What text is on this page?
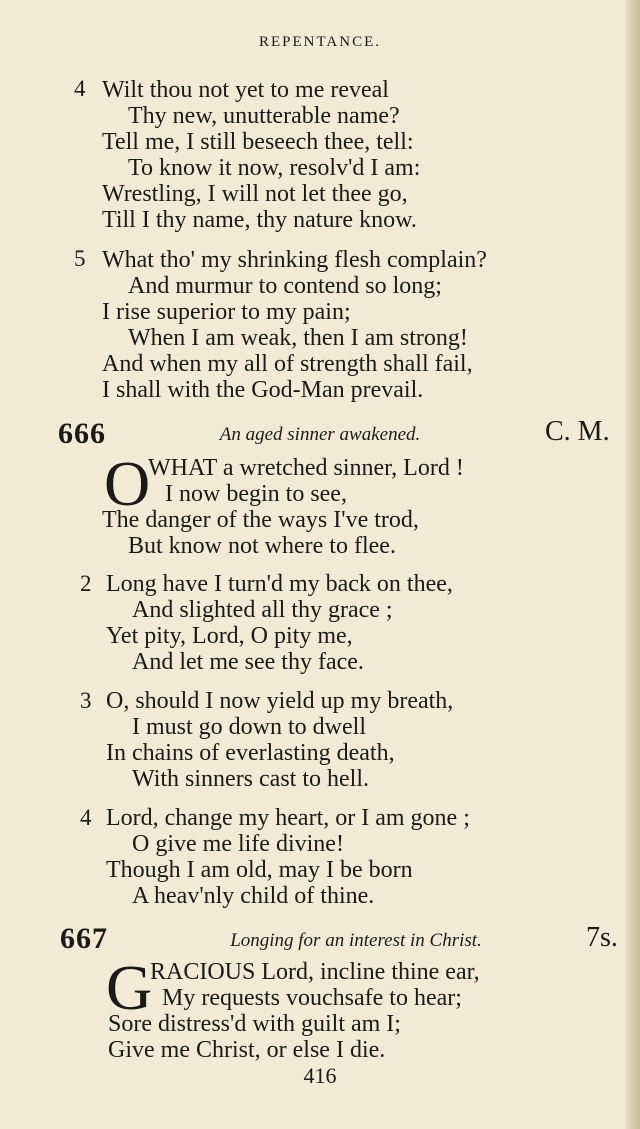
REPENTANCE.
4 Wilt thou not yet to me reveal
Thy new, unutterable name?
Tell me, I still beseech thee, tell:
To know it now, resolv'd I am:
Wrestling, I will not let thee go,
Till I thy name, thy nature know.
5 What tho' my shrinking flesh complain?
And murmur to contend so long;
I rise superior to my pain;
When I am weak, then I am strong!
And when my all of strength shall fail,
I shall with the God-Man prevail.
666	An aged sinner awakened.	C. M.
O
WHAT a wretched sinner, Lord !
I now begin to see,
The danger of the ways I've trod,
But know not where to flee.
2 Long have I turn'd my back on thee,
And slighted all thy grace ;
Yet pity, Lord, O pity me,
And let me see thy face.
3 O, should I now yield up my breath,
I must go down to dwell
In chains of everlasting death,
With sinners cast to hell.
4 Lord, change my heart, or I am gone ;
O give me life divine!
Though I am old, may I be born
A heav'nly child of thine.
667	Longing for an interest in Christ.	7s.
G
RACIOUS Lord, incline thine ear,
My requests vouchsafe to hear;
Sore distress'd with guilt am I;
Give me Christ, or else I die.
416
